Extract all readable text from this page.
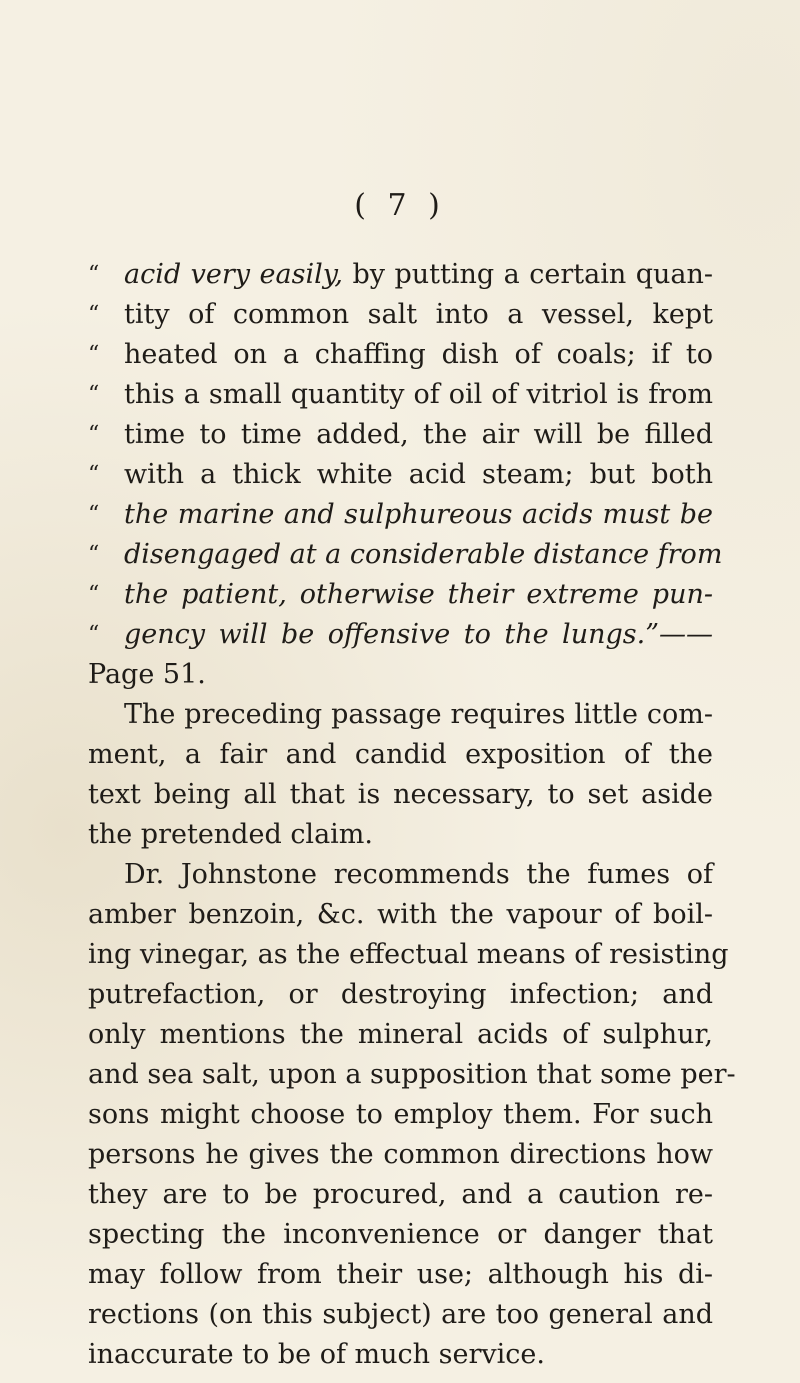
( 7 )
“ acid very easily, by putting a certain quan-
“ tity of common salt into a vessel, kept
“ heated on a chaffing dish of coals; if to
“ this a small quantity of oil of vitriol is from
“ time to time added, the air will be filled
“ with a thick white acid steam; but both
“ the marine and sulphureous acids must be
“ disengaged at a considerable distance from
“ the patient, otherwise their extreme pun-
“ gency will be offensive to the lungs.”——
Page 51.
The preceding passage requires little com-
ment, a fair and candid exposition of the
text being all that is necessary, to set aside
the pretended claim.
Dr. Johnstone recommends the fumes of
amber benzoin, &c. with the vapour of boil-
ing vinegar, as the effectual means of resisting
putrefaction, or destroying infection; and
only mentions the mineral acids of sulphur,
and sea salt, upon a supposition that some per-
sons might choose to employ them. For such
persons he gives the common directions how
they are to be procured, and a caution re-
specting the inconvenience or danger that
may follow from their use; although his di-
rections (on this subject) are too general and
inaccurate to be of much service.
